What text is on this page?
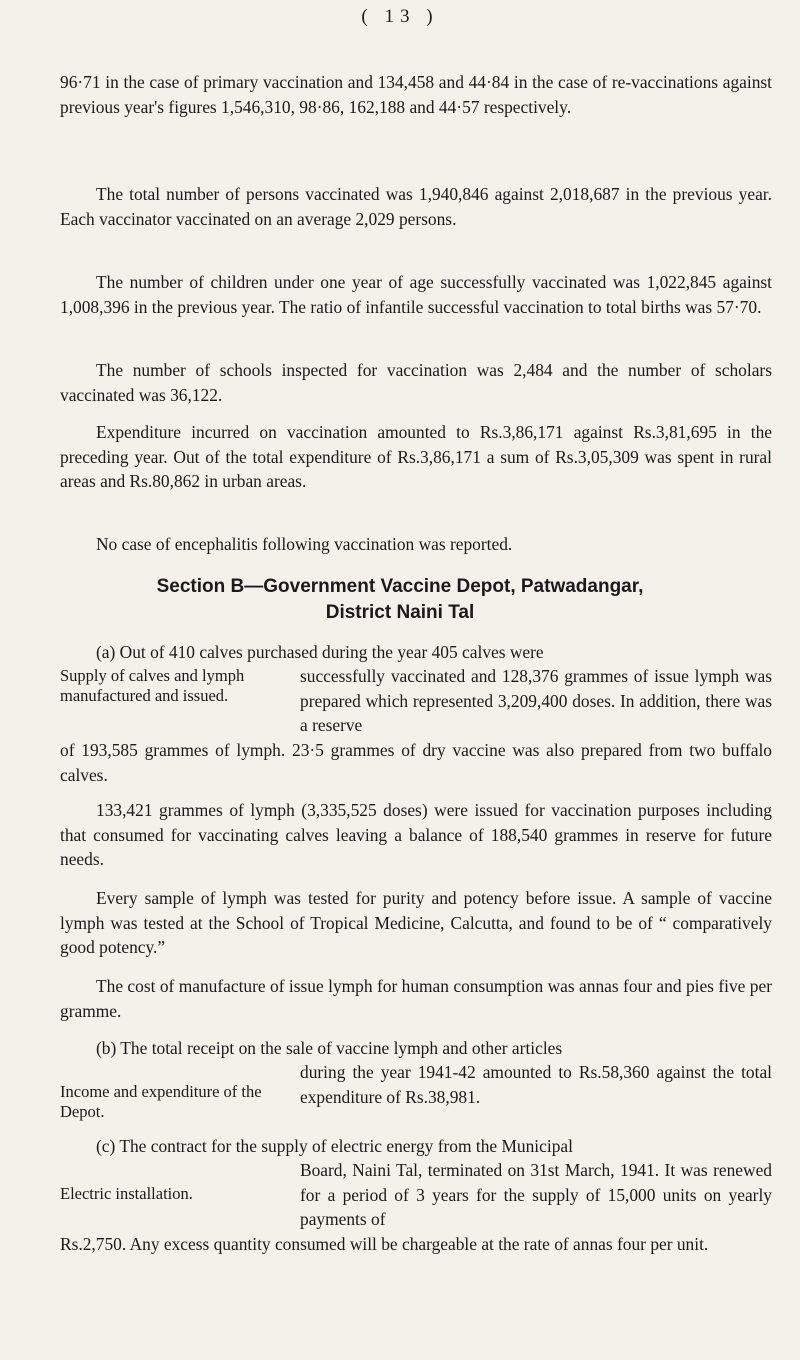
( 13 )

96·71 in the case of primary vaccination and 134,458 and 44·84 in the case of re-vaccinations against previous year's figures 1,546,310, 98·86, 162,188 and 44·57 respectively.

The total number of persons vaccinated was 1,940,846 against 2,018,687 in the previous year. Each vaccinator vaccinated on an average 2,029 persons.

The number of children under one year of age successfully vaccinated was 1,022,845 against 1,008,396 in the previous year. The ratio of infantile successful vaccination to total births was 57·70.

The number of schools inspected for vaccination was 2,484 and the number of scholars vaccinated was 36,122.

Expenditure incurred on vaccination amounted to Rs.3,86,171 against Rs.3,81,695 in the preceding year. Out of the total expenditure of Rs.3,86,171 a sum of Rs.3,05,309 was spent in rural areas and Rs.80,862 in urban areas.

No case of encephalitis following vaccination was reported.

Section B—Government Vaccine Depot, Patwadangar,
District Naini Tal
(a) Out of 410 calves purchased during the year 405 calves were
Supply of calves and lymph manufactured and issued.
successfully vaccinated and 128,376 grammes of issue lymph was prepared which represented 3,209,400 doses. In addition, there was a reserve
of 193,585 grammes of lymph. 23·5 grammes of dry vaccine was also prepared from two buffalo calves.

133,421 grammes of lymph (3,335,525 doses) were issued for vaccination purposes including that consumed for vaccinating calves leaving a balance of 188,540 grammes in reserve for future needs.

Every sample of lymph was tested for purity and potency before issue. A sample of vaccine lymph was tested at the School of Tropical Medicine, Calcutta, and found to be of “ comparatively good potency.”

The cost of manufacture of issue lymph for human consumption was annas four and pies five per gramme.

(b) The total receipt on the sale of vaccine lymph and other articles
Income and expenditure of the Depot.
during the year 1941-42 amounted to Rs.58,360 against the total expenditure of Rs.38,981.
(c) The contract for the supply of electric energy from the Municipal
Electric installation.
Board, Naini Tal, terminated on 31st March, 1941. It was renewed for a period of 3 years for the supply of 15,000 units on yearly payments of
Rs.2,750. Any excess quantity consumed will be chargeable at the rate of annas four per unit.
